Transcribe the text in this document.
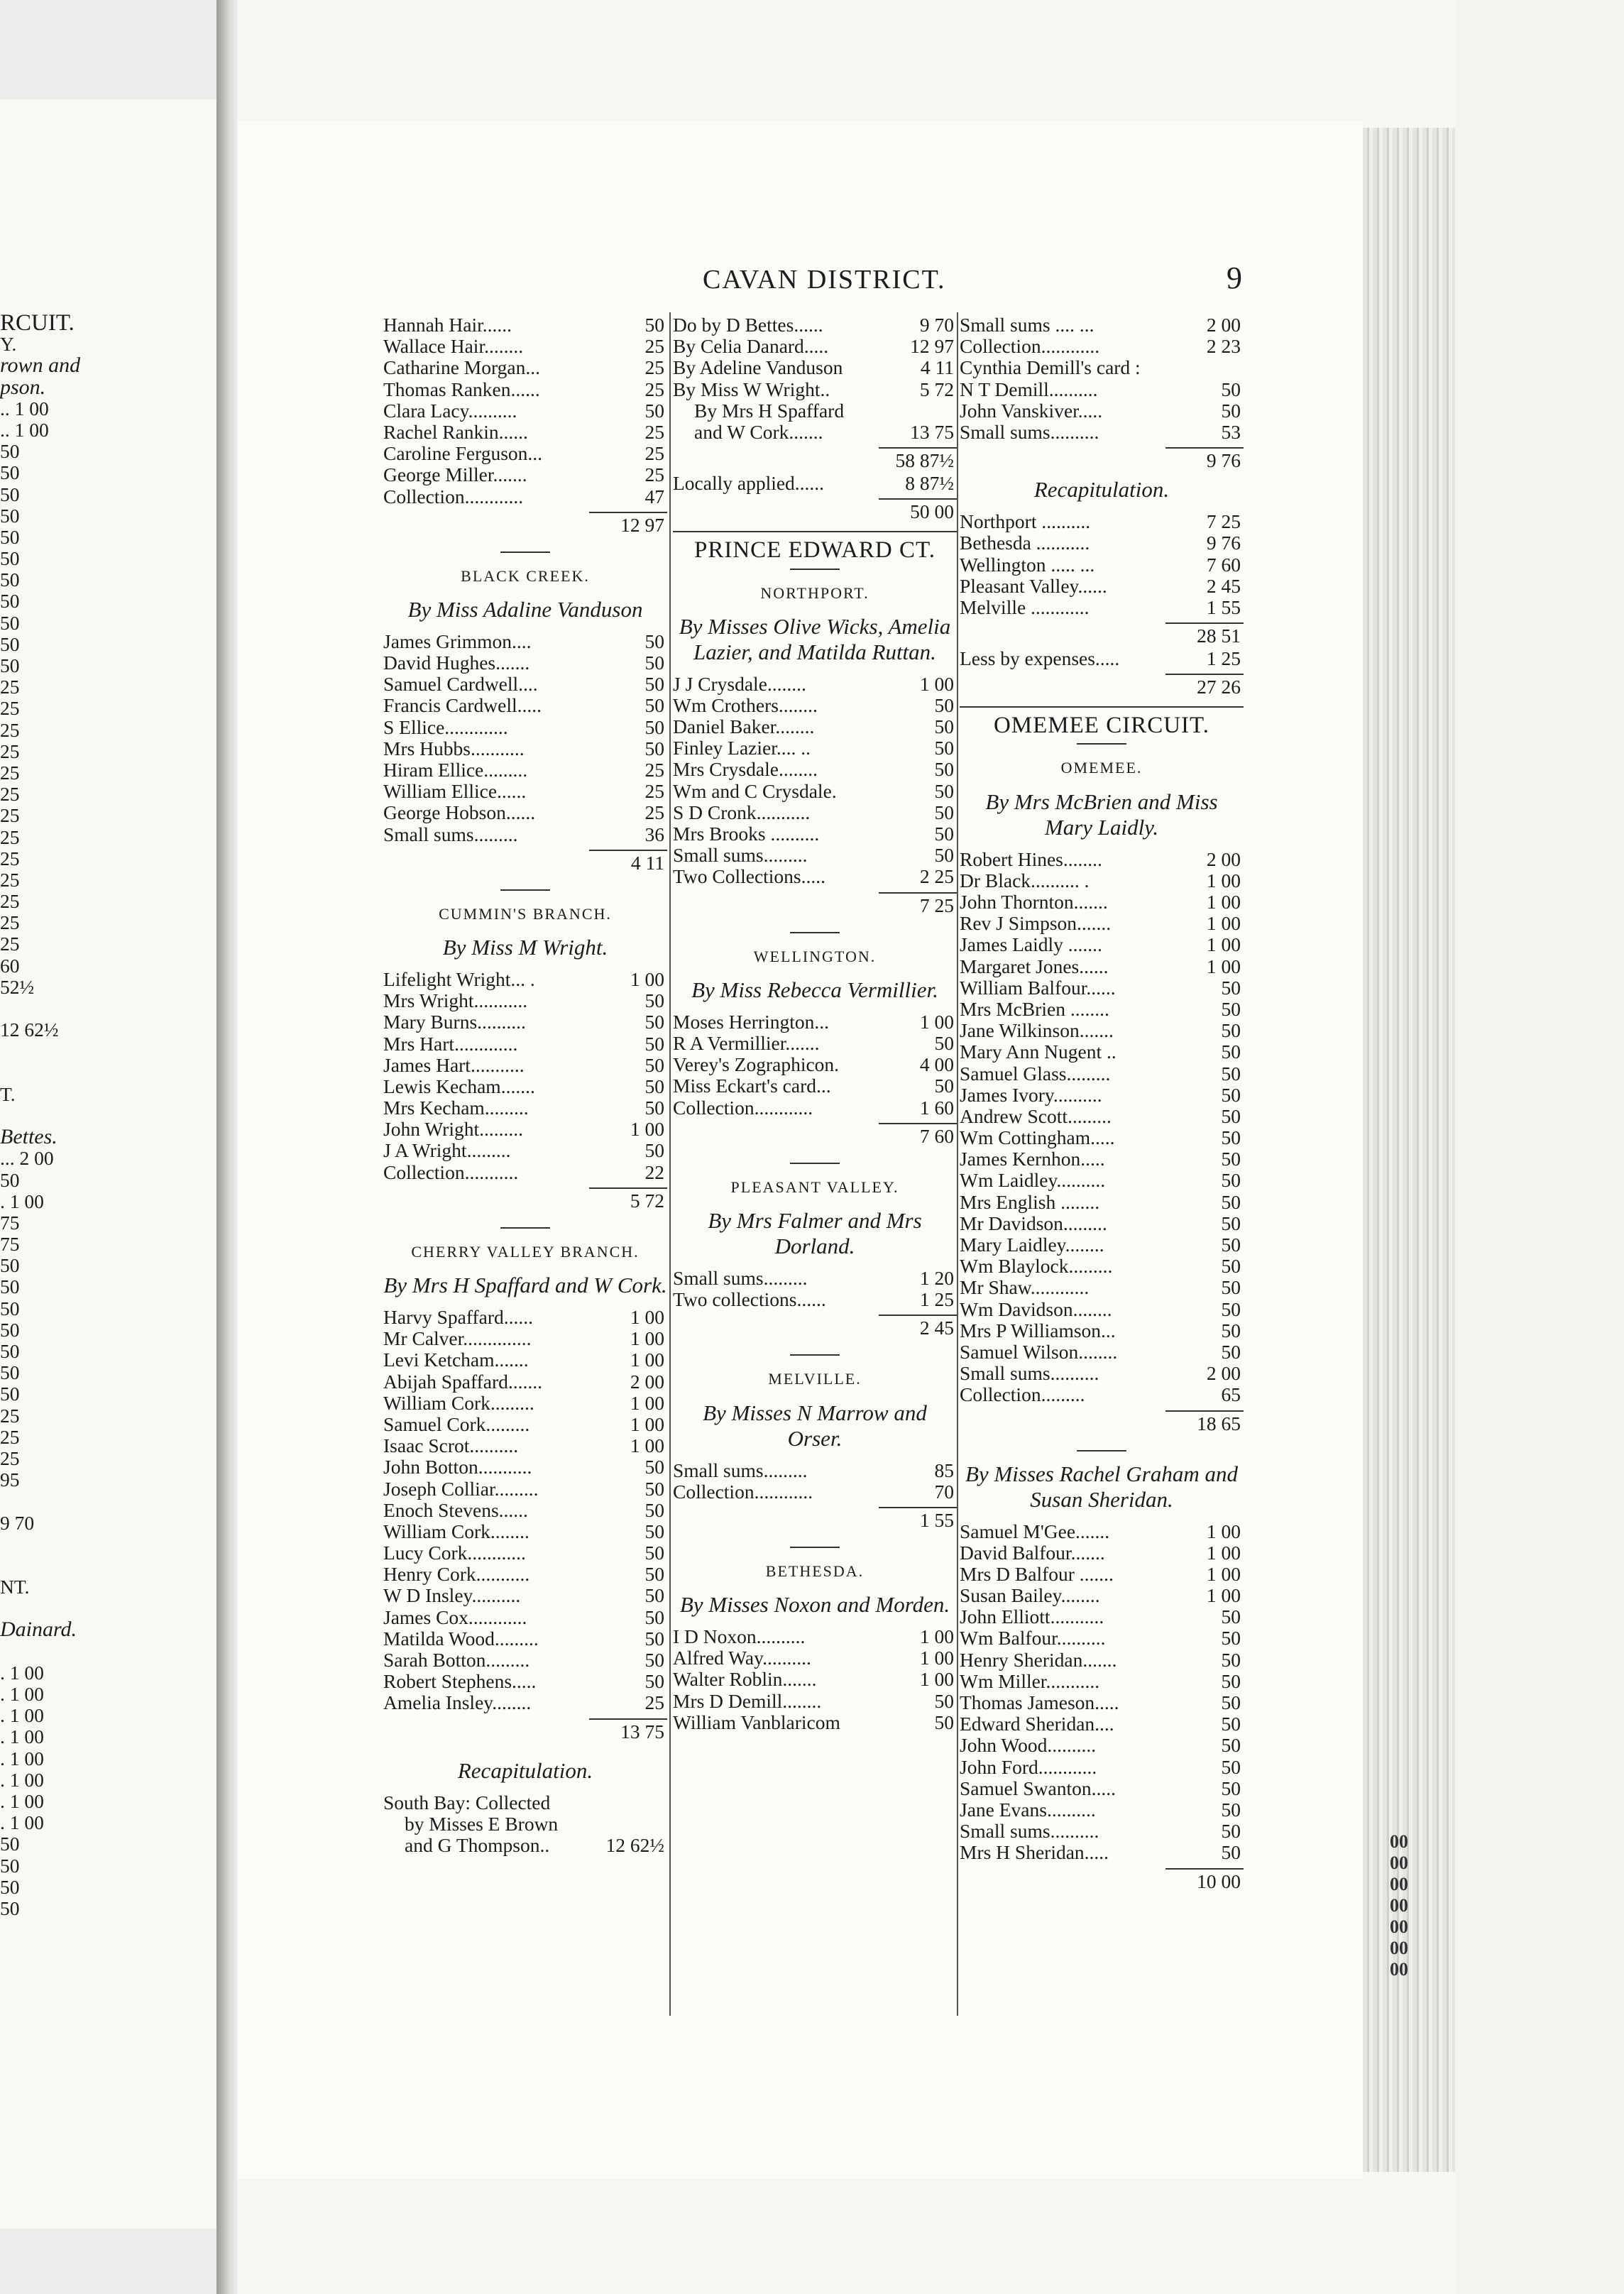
RCUIT.
Y.
rown and
pson.
.. 1 00
.. 1 00
50
50
50
50
50
50
50
50
50
50
50
25
25
25
25
25
25
25
25
25
25
25
25
25
60
52½
12 62½
T.
Bettes.
... 2 00
50
. 1 00
75
75
50
50
50
50
50
50
50
25
25
25
95
9 70
NT.
Dainard.
. 1 00
. 1 00
. 1 00
. 1 00
. 1 00
. 1 00
. 1 00
. 1 00
50
50
50
50
00
00
00
00
00
00
00
CAVAN DISTRICT.	9
Hannah Hair......	50
Wallace Hair........	25
Catharine Morgan...	25
Thomas Ranken......	25
Clara Lacy..........	50
Rachel Rankin......	25
Caroline Ferguson...	25
George Miller.......	25
Collection............	47
12 97
BLACK CREEK.
By Miss Adaline Vanduson
James Grimmon....	50
David Hughes.......	50
Samuel Cardwell....	50
Francis Cardwell.....	50
S Ellice.............	50
Mrs Hubbs...........	50
Hiram Ellice.........	25
William Ellice......	25
George Hobson......	25
Small sums.........	36
4 11
CUMMIN'S BRANCH.
By Miss M Wright.
Lifelight Wright... .	1 00
Mrs Wright...........	50
Mary Burns..........	50
Mrs Hart.............	50
James Hart...........	50
Lewis Kecham.......	50
Mrs Kecham.........	50
John Wright.........	1 00
J A Wright.........	50
Collection...........	22
5 72
CHERRY VALLEY BRANCH.
By Mrs H Spaffard and W Cork.
Harvy Spaffard......	1 00
Mr Calver..............	1 00
Levi Ketcham.......	1 00
Abijah Spaffard.......	2 00
William Cork.........	1 00
Samuel Cork.........	1 00
Isaac Scrot..........	1 00
John Botton...........	50
Joseph Colliar.........	50
Enoch Stevens......	50
William Cork........	50
Lucy Cork............	50
Henry Cork...........	50
W D Insley..........	50
James Cox............	50
Matilda Wood.........	50
Sarah Botton.........	50
Robert Stephens.....	50
Amelia Insley........	25
13 75
Recapitulation.
South Bay: Collected
by Misses E Brown
and G Thompson..	12 62½
Do by D Bettes......	9 70
By Celia Danard.....	12 97
By Adeline Vanduson	4 11
By Miss W Wright..	5 72
By Mrs H Spaffard
and W Cork.......	13 75
58 87½
Locally applied......	8 87½
50 00
PRINCE EDWARD CT.
NORTHPORT.
By Misses Olive Wicks, Amelia Lazier, and Matilda Ruttan.
J J Crysdale........	1 00
Wm Crothers........	50
Daniel Baker........	50
Finley Lazier.... ..	50
Mrs Crysdale........	50
Wm and C Crysdale.	50
S D Cronk...........	50
Mrs Brooks ..........	50
Small sums.........	50
Two Collections.....	2 25
7 25
WELLINGTON.
By Miss Rebecca Vermillier.
Moses Herrington...	1 00
R A Vermillier.......	50
Verey's Zographicon.	4 00
Miss Eckart's card...	50
Collection............	1 60
7 60
PLEASANT VALLEY.
By Mrs Falmer and Mrs Dorland.
Small sums.........	1 20
Two collections......	1 25
2 45
MELVILLE.
By Misses N Marrow and Orser.
Small sums.........	85
Collection............	70
1 55
BETHESDA.
By Misses Noxon and Morden.
I D Noxon..........	1 00
Alfred Way..........	1 00
Walter Roblin.......	1 00
Mrs D Demill........	50
William Vanblaricom	50
Small sums .... ...	2 00
Collection............	2 23
Cynthia Demill's card :
N T Demill..........	50
John Vanskiver.....	50
Small sums..........	53
9 76
Recapitulation.
Northport ..........	7 25
Bethesda ...........	9 76
Wellington ..... ...	7 60
Pleasant Valley......	2 45
Melville ............	1 55
28 51
Less by expenses.....	1 25
27 26
OMEMEE CIRCUIT.
OMEMEE.
By Mrs McBrien and Miss Mary Laidly.
Robert Hines........	2 00
Dr Black.......... .	1 00
John Thornton.......	1 00
Rev J Simpson.......	1 00
James Laidly .......	1 00
Margaret Jones......	1 00
William Balfour......	50
Mrs McBrien ........	50
Jane Wilkinson.......	50
Mary Ann Nugent ..	50
Samuel Glass.........	50
James Ivory..........	50
Andrew Scott.........	50
Wm Cottingham.....	50
James Kernhon.....	50
Wm Laidley..........	50
Mrs English ........	50
Mr Davidson.........	50
Mary Laidley........	50
Wm Blaylock.........	50
Mr Shaw............	50
Wm Davidson........	50
Mrs P Williamson...	50
Samuel Wilson........	50
Small sums..........	2 00
Collection.........	65
18 65
By Misses Rachel Graham and Susan Sheridan.
Samuel M'Gee.......	1 00
David Balfour.......	1 00
Mrs D Balfour .......	1 00
Susan Bailey........	1 00
John Elliott...........	50
Wm Balfour..........	50
Henry Sheridan.......	50
Wm Miller...........	50
Thomas Jameson.....	50
Edward Sheridan....	50
John Wood..........	50
John Ford............	50
Samuel Swanton.....	50
Jane Evans..........	50
Small sums..........	50
Mrs H Sheridan.....	50
10 00
